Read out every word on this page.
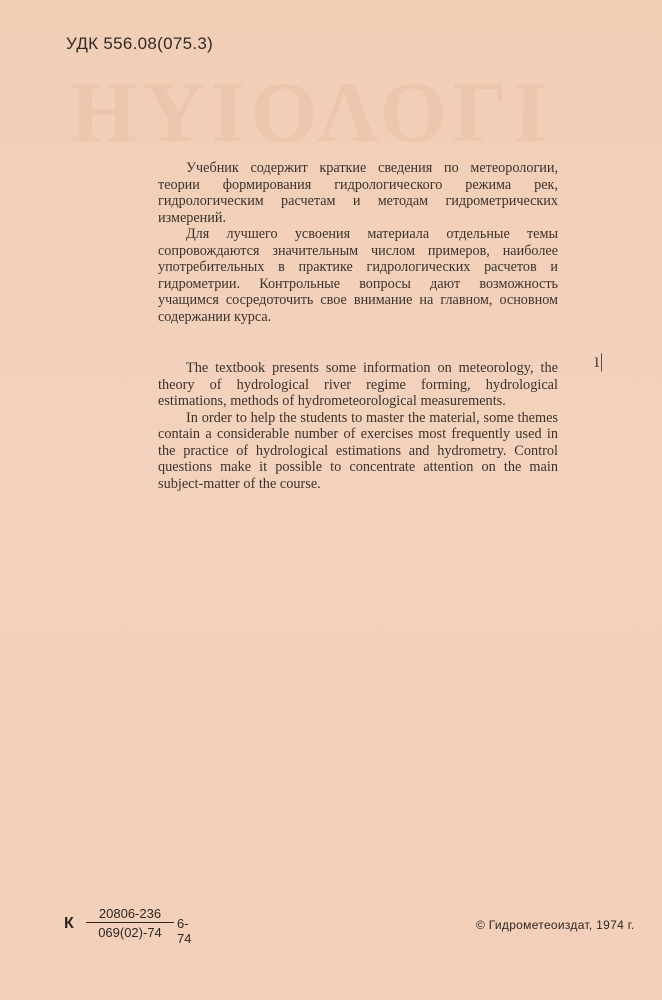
ΗΥΙΟΛΟΓΙ
УДК 556.08(075.3)

Учебник содержит краткие сведения по метеорологии, теории формирования гидрологического режима рек, гидрологическим расчетам и методам гидрометрических измерений.

Для лучшего усвоения материала отдельные темы сопровождаются значительным числом примеров, наиболее употребительных в практике гидрологических расчетов и гидрометрии. Контрольные вопросы дают возможность учащимся сосредоточить свое внимание на главном, основном содержании курса.

ı|

The textbook presents some information on meteorology, the theory of hydrological river regime forming, hydrological estimations, methods of hydrometeorological measurements.

In order to help the students to master the material, some themes contain a considerable number of exercises most frequently used in the practice of hydrological estimations and hydrometry. Control questions make it possible to concentrate attention on the main subject-matter of the course.

К $\frac{20806-236}{069(02)-74} 6-74$
© Гидрометеоиздат, 1974 г.
